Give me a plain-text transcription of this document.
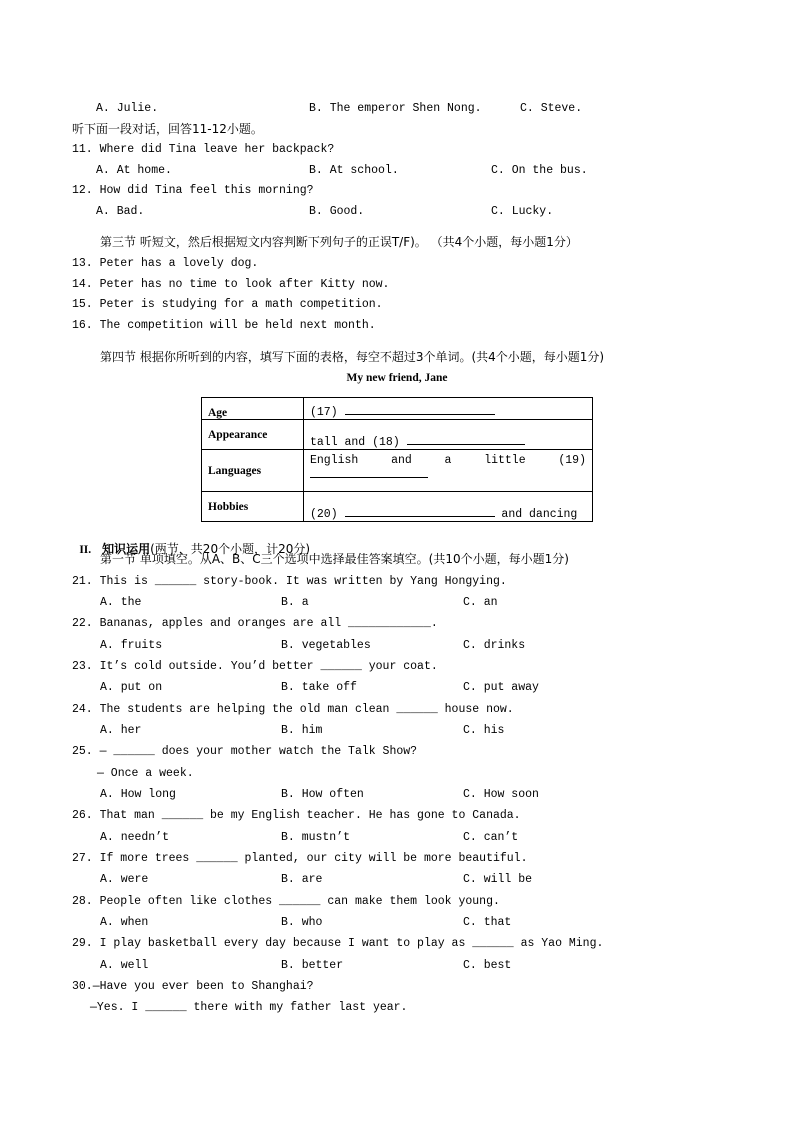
A. Julie.	B. The emperor Shen Nong.	C. Steve.
听下面一段对话，回答11-12小题。
11. Where did Tina leave her backpack?
A. At home.	B. At school.	C. On the bus.
12. How did Tina feel this morning?
A. Bad.	B. Good.	C. Lucky.
第三节 听短文，然后根据短文内容判断下列句子的正误T/F)。 （共4个小题，每小题1分）
13. Peter has a lovely dog.
14. Peter has no time to look after Kitty now.
15. Peter is studying for a math competition.
16. The competition will be held next month.
第四节 根据你所听到的内容，填写下面的表格，每空不超过3个单词。(共4个小题，每小题1分)
My new friend, Jane
Age	(17)
Appearance	tall and (18)
Languages	English and a little (19)

Hobbies	(20) and dancing

II. 知识运用(两节，共20个小题，计20分)

第一节 单项填空。从A、B、C三个选项中选择最佳答案填空。(共10个小题，每小题1分)
21. This is ______ story-book. It was written by Yang Hongying.
A. the	B. a	C. an
22. Bananas, apples and oranges are all ____________.
A. fruits	B. vegetables	C. drinks
23. It’s cold outside. You’d better ______ your coat.
A. put on	B. take off	C. put away
24. The students are helping the old man clean ______ house now.
A. her	B. him	C. his
25. — ______ does your mother watch the Talk Show?
— Once a week.
A. How long	B. How often	C. How soon
26. That man ______ be my English teacher. He has gone to Canada.
A. needn’t	B. mustn’t	C. can’t
27. If more trees ______ planted, our city will be more beautiful.
A. were	B. are	C. will be
28. People often like clothes ______ can make them look young.
A. when	B. who	C. that
29. I play basketball every day because I want to play as ______ as Yao Ming.
A. well	B. better	C. best
30.—Have you ever been to Shanghai?
—Yes. I ______ there with my father last year.
